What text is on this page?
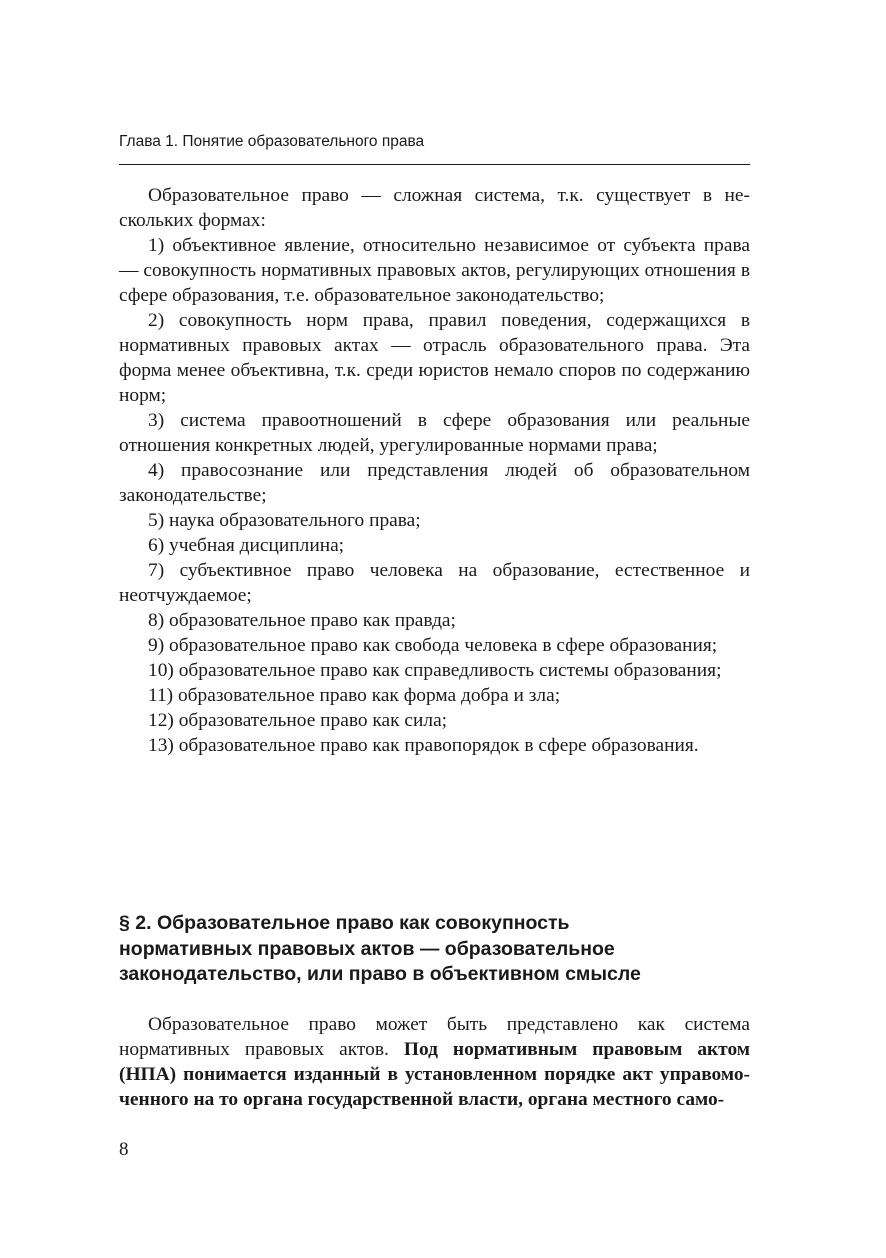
Глава 1. Понятие образовательного права

Образовательное право — сложная система, т.к. существует в нескольких формах:

1) объективное явление, относительно независимое от субъекта права — совокупность нормативных правовых актов, регулирующих отношения в сфере образования, т.е. образовательное законодательство;

2) совокупность норм права, правил поведения, содержащихся в нормативных правовых актах — отрасль образовательного права. Эта форма менее объективна, т.к. среди юристов немало споров по содержанию норм;

3) система правоотношений в сфере образования или реальные отношения конкретных людей, урегулированные нормами права;

4) правосознание или представления людей об образовательном законодательстве;

5) наука образовательного права;

6) учебная дисциплина;

7) субъективное право человека на образование, естественное и неотчуждаемое;

8) образовательное право как правда;

9) образовательное право как свобода человека в сфере образования;

10) образовательное право как справедливость системы образования;

11) образовательное право как форма добра и зла;

12) образовательное право как сила;

13) образовательное право как правопорядок в сфере образования.

§ 2. Образовательное право как совокупность
нормативных правовых актов — образовательное
законодательство, или право в объективном смысле

Образовательное право может быть представлено как система нормативных правовых актов. Под нормативным правовым актом (НПА) понимается изданный в установленном порядке акт управомоченного на то органа государственной власти, органа местного само-

8
